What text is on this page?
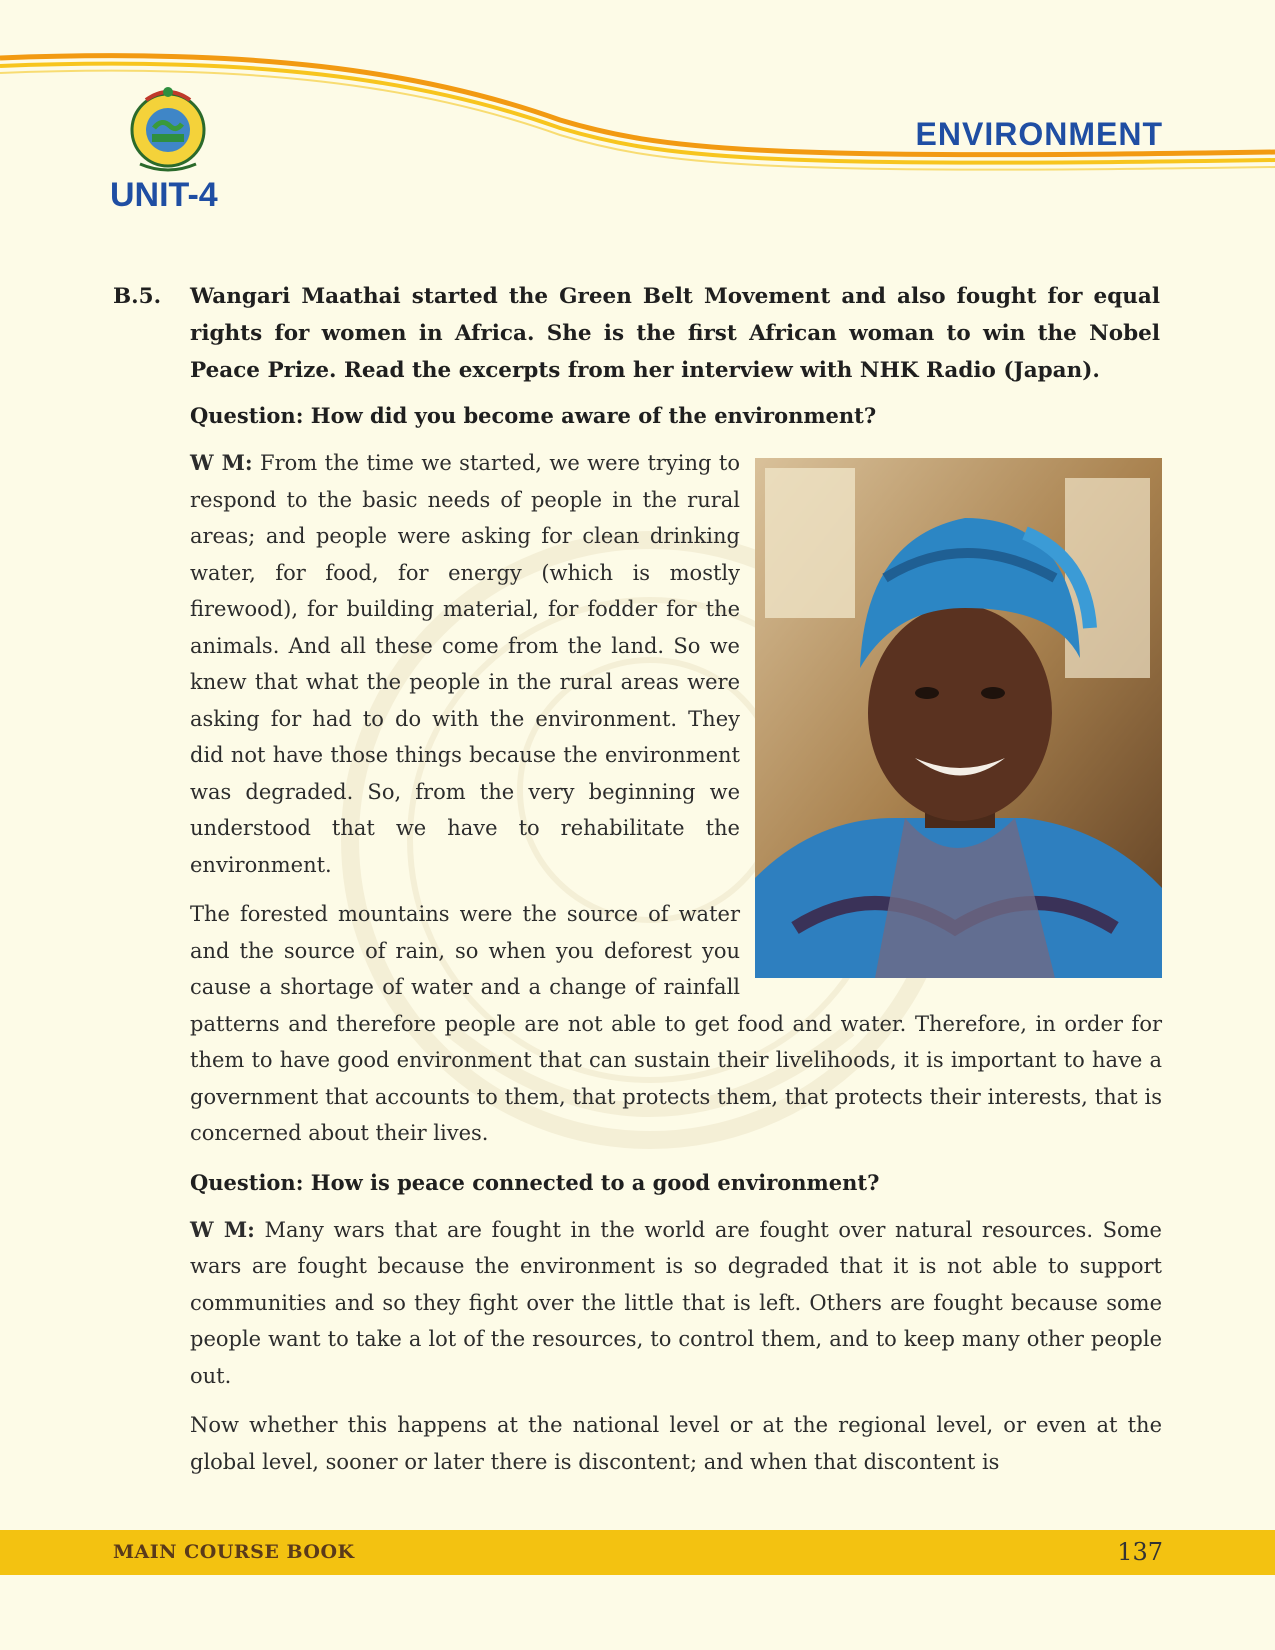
UNIT-4
ENVIRONMENT
B.5.	Wangari Maathai started the Green Belt Movement and also fought for equal rights for women in Africa. She is the first African woman to win the Nobel Peace Prize. Read the excerpts from her interview with NHK Radio (Japan).
Question: How did you become aware of the environment?

W M: From the time we started, we were trying to respond to the basic needs of people in the rural areas; and people were asking for clean drinking water, for food, for energy (which is mostly firewood), for building material, for fodder for the animals. And all these come from the land. So we knew that what the people in the rural areas were asking for had to do with the environment. They did not have those things because the environment was degraded. So, from the very beginning we understood that we have to rehabilitate the environment.

The forested mountains were the source of water and the source of rain, so when you deforest you cause a shortage of water and a change of rainfall patterns and therefore people are not able to get food and water. Therefore, in order for them to have good environment that can sustain their livelihoods, it is important to have a government that accounts to them, that protects them, that protects their interests, that is concerned about their lives.

Question: How is peace connected to a good environment?

W M: Many wars that are fought in the world are fought over natural resources. Some wars are fought because the environment is so degraded that it is not able to support communities and so they fight over the little that is left. Others are fought because some people want to take a lot of the resources, to control them, and to keep many other people out.

Now whether this happens at the national level or at the regional level, or even at the global level, sooner or later there is discontent; and when that discontent is

MAIN COURSE BOOK	137
